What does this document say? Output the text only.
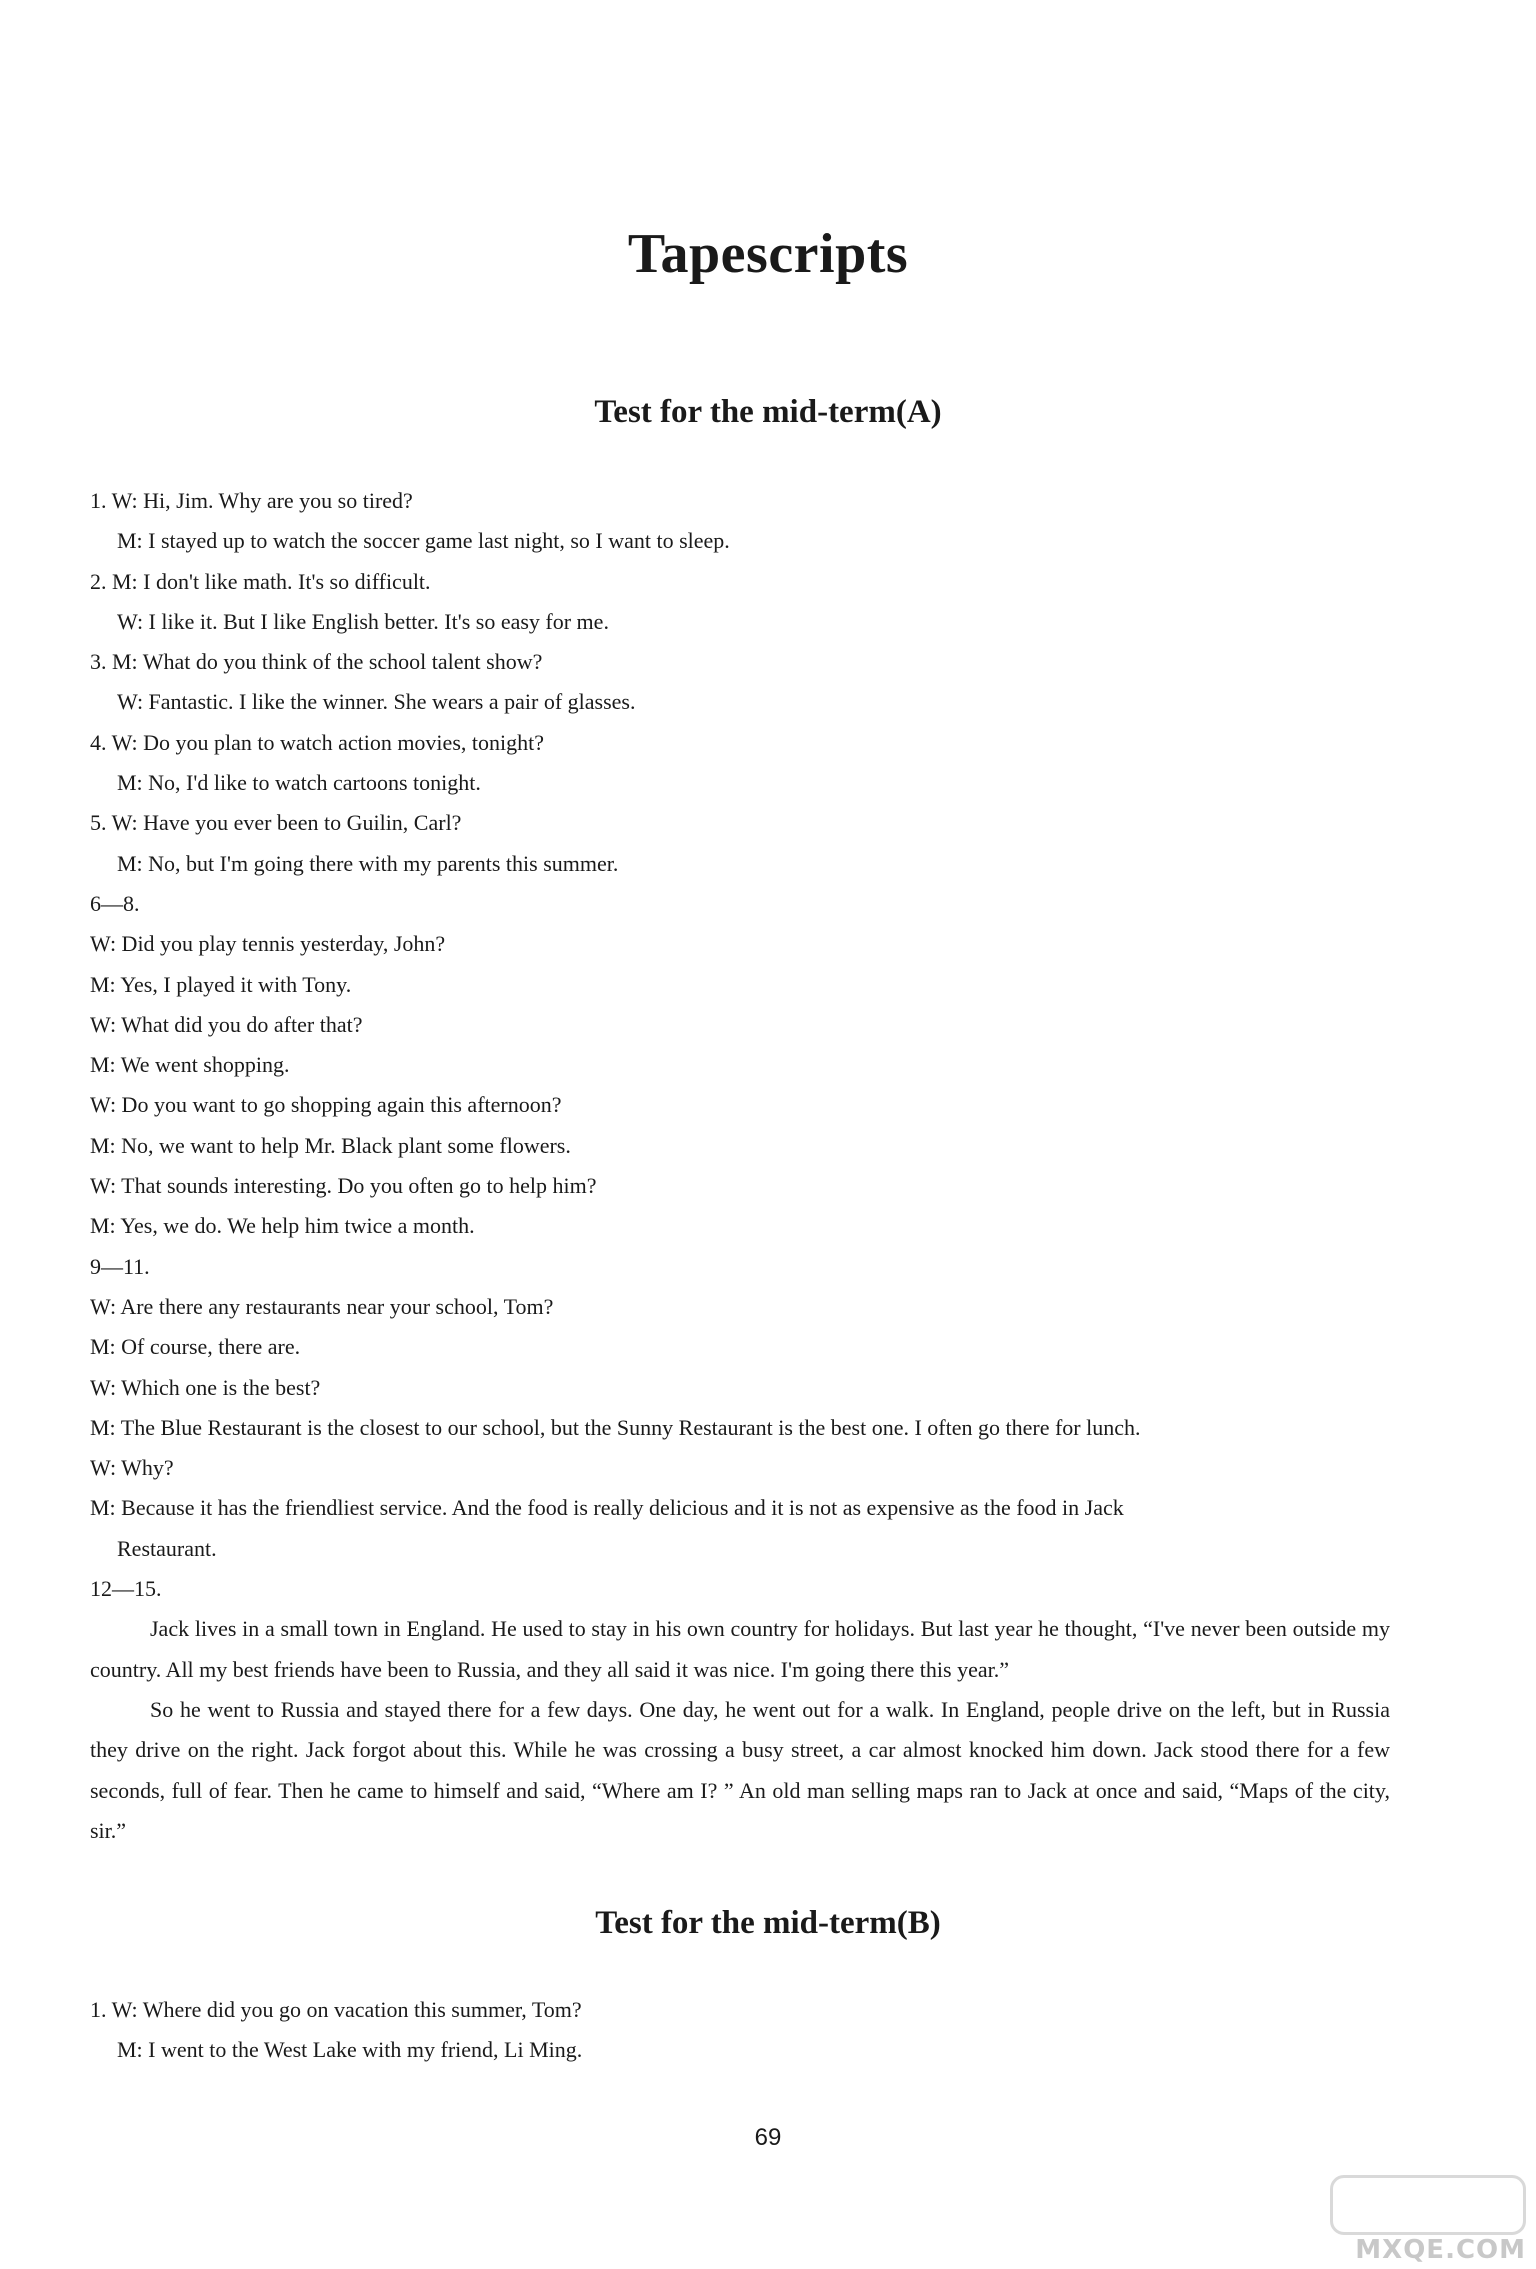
Tapescripts
Test for the mid-term(A)
1. W: Hi, Jim. Why are you so tired?
M: I stayed up to watch the soccer game last night, so I want to sleep.
2. M: I don't like math. It's so difficult.
W: I like it. But I like English better. It's so easy for me.
3. M: What do you think of the school talent show?
W: Fantastic. I like the winner. She wears a pair of glasses.
4. W: Do you plan to watch action movies, tonight?
M: No, I'd like to watch cartoons tonight.
5. W: Have you ever been to Guilin, Carl?
M: No, but I'm going there with my parents this summer.
6—8.
W: Did you play tennis yesterday, John?
M: Yes, I played it with Tony.
W: What did you do after that?
M: We went shopping.
W: Do you want to go shopping again this afternoon?
M: No, we want to help Mr. Black plant some flowers.
W: That sounds interesting. Do you often go to help him?
M: Yes, we do. We help him twice a month.
9—11.
W: Are there any restaurants near your school, Tom?
M: Of course, there are.
W: Which one is the best?
M: The Blue Restaurant is the closest to our school, but the Sunny Restaurant is the best one. I often go there for lunch.
W: Why?
M: Because it has the friendliest service. And the food is really delicious and it is not as expensive as the food in Jack
Restaurant.
12—15.
Jack lives in a small town in England. He used to stay in his own country for holidays. But last year he thought, “I've never been outside my country. All my best friends have been to Russia, and they all said it was nice. I'm going there this year.”
So he went to Russia and stayed there for a few days. One day, he went out for a walk. In England, people drive on the left, but in Russia they drive on the right. Jack forgot about this. While he was crossing a busy street, a car almost knocked him down. Jack stood there for a few seconds, full of fear. Then he came to himself and said, “Where am I? ” An old man selling maps ran to Jack at once and said, “Maps of the city, sir.”
Test for the mid-term(B)
1. W: Where did you go on vacation this summer, Tom?
M: I went to the West Lake with my friend, Li Ming.
69
MXQE.COM
